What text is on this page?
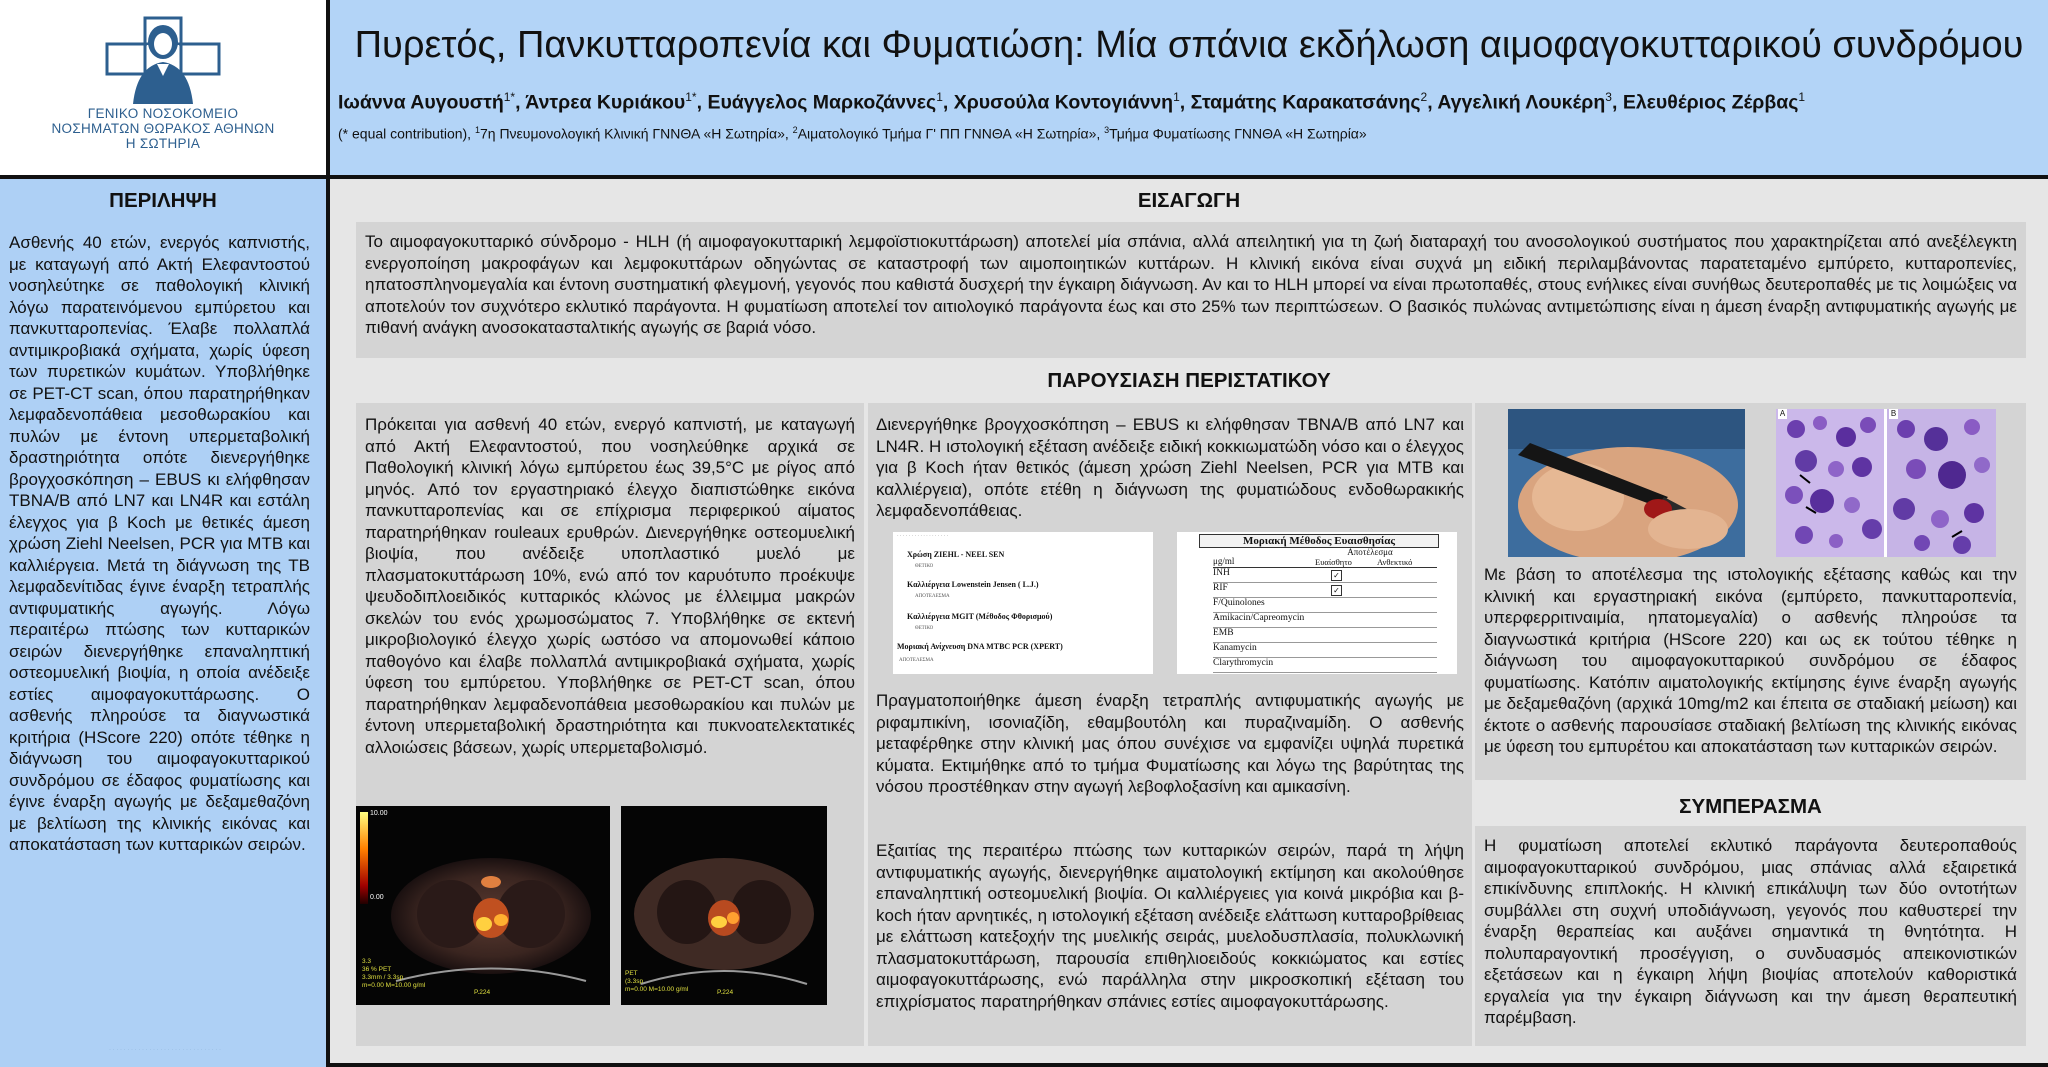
ΓΕΝΙΚΟ ΝΟΣΟΚΟΜΕΙΟ
ΝΟΣΗΜΑΤΩΝ ΘΩΡΑΚΟΣ ΑΘΗΝΩΝ
Η ΣΩΤΗΡΙΑ
Πυρετός, Πανκυτταροπενία και Φυματιώση: Μία σπάνια εκδήλωση αιμοφαγοκυτταρικού συνδρόμου
Ιωάννα Αυγουστή$^{1*}$, Άντρεα Κυριάκου$^{1*}$, Ευάγγελος Μαρκοζάννες$^1$, Χρυσούλα Κοντογιάννη$^1$, Σταμάτης Καρακατσάνης$^2$, Αγγελική Λουκέρη$^3$, Ελευθέριος Ζέρβας$^1$
(* equal contribution), $^1$7η Πνευμονολογική Κλινική ΓΝΝΘΑ «Η Σωτηρία», $^2$Αιματολογικό Τμήμα Γ' ΠΠ ΓΝΝΘΑ «Η Σωτηρία», $^3$Τμήμα Φυματίωσης ΓΝΝΘΑ «Η Σωτηρία»
ΠΕΡΙΛΗΨΗ
Ασθενής 40 ετών, ενεργός καπνιστής, με καταγωγή από Ακτή Ελεφαντοστού νοσηλεύτηκε σε παθολογική κλινική λόγω παρατεινόμενου εμπύρετου και πανκυτταροπενίας. Έλαβε πολλαπλά αντιμικροβιακά σχήματα, χωρίς ύφεση των πυρετικών κυμάτων. Υποβλήθηκε σε PET-CT scan, όπου παρατηρήθηκαν λεμφαδενοπάθεια μεσοθωρακίου και πυλών με έντονη υπερμεταβολική δραστηριότητα οπότε διενεργήθηκε βρογχοσκόπηση – EBUS κι ελήφθησαν TBNA/B από LN7 και LN4R και εστάλη έλεγχος για β Koch με θετικές άμεση χρώση Ziehl Neelsen, PCR για MTB και καλλιέργεια. Μετά τη διάγνωση της ΤΒ λεμφαδενίτιδας έγινε έναρξη τετραπλής αντιφυματικής αγωγής. Λόγω περαιτέρω πτώσης των κυτταρικών σειρών διενεργήθηκε επαναληπτική οστεομυελική βιοψία, η οποία ανέδειξε εστίες αιμοφαγοκυττάρωσης. Ο ασθενής πληρούσε τα διαγνωστικά κριτήρια (HScore 220) οπότε τέθηκε η διάγνωση του αιμοφαγοκυτταρικού συνδρόμου σε έδαφος φυματίωσης και έγινε έναρξη αγωγής με δεξαμεθαζόνη με βελτίωση της κλινικής εικόνας και αποκατάσταση των κυτταρικών σειρών.
· · · · · · · · · · · · · · · · · · · · · · · · · · · · · · ·
ΕΙΣΑΓΩΓΗ
Το αιμοφαγοκυτταρικό σύνδρομο - HLH (ή αιμοφαγοκυτταρική λεμφοϊστιοκυττάρωση) αποτελεί μία σπάνια, αλλά απειλητική για τη ζωή διαταραχή του ανοσολογικού συστήματος που χαρακτηρίζεται από ανεξέλεγκτη ενεργοποίηση μακροφάγων και λεμφοκυττάρων οδηγώντας σε καταστροφή των αιμοποιητικών κυττάρων. Η κλινική εικόνα είναι συχνά μη ειδική περιλαμβάνοντας παρατεταμένο εμπύρετο, κυτταροπενίες, ηπατοσπληνομεγαλία και έντονη συστηματική φλεγμονή, γεγονός που καθιστά δυσχερή την έγκαιρη διάγνωση. Αν και το HLH μπορεί να είναι πρωτοπαθές, στους ενήλικες είναι συνήθως δευτεροπαθές με τις λοιμώξεις να αποτελούν τον συχνότερο εκλυτικό παράγοντα. Η φυματίωση αποτελεί τον αιτιολογικό παράγοντα έως και στο 25% των περιπτώσεων. Ο βασικός πυλώνας αντιμετώπισης είναι η άμεση έναρξη αντιφυματικής αγωγής με πιθανή ανάγκη ανοσοκατασταλτικής αγωγής σε βαριά νόσο.
ΠΑΡΟΥΣΙΑΣΗ ΠΕΡΙΣΤΑΤΙΚΟΥ
Πρόκειται για ασθενή 40 ετών, ενεργό καπνιστή, με καταγωγή από Ακτή Ελεφαντοστού, που νοσηλεύθηκε αρχικά σε Παθολογική κλινική λόγω εμπύρετου έως 39,5°C με ρίγος από μηνός. Από τον εργαστηριακό έλεγχο διαπιστώθηκε εικόνα πανκυτταροπενίας και σε επίχρισμα περιφερικού αίματος παρατηρήθηκαν rouleaux ερυθρών. Διενεργήθηκε οστεομυελική βιοψία, που ανέδειξε υποπλαστικό μυελό με πλασματοκυττάρωση 10%, ενώ από τον καρυότυπο προέκυψε ψευδοδιπλοειδικός κυτταρικός κλώνος με έλλειμμα μακρών σκελών του ενός χρωμοσώματος 7. Υποβλήθηκε σε εκτενή μικροβιολογικό έλεγχο χωρίς ωστόσο να απομονωθεί κάποιο παθογόνο και έλαβε πολλαπλά αντιμικροβιακά σχήματα, χωρίς ύφεση του εμπύρετου. Υποβλήθηκε σε PET-CT scan, όπου παρατηρήθηκαν λεμφαδενοπάθεια μεσοθωρακίου και πυλών με έντονη υπερμεταβολική δραστηριότητα και πυκνοατελεκτατικές αλλοιώσεις βάσεων, χωρίς υπερμεταβολισμό.
10.00
0.00
3.3
36 % PET
3.3mm / 3.3sp
m=0.00 M=10.00 g/ml
P.224
PET
(3.3sp
m=0.00 M=10.00 g/ml	P.224
Διενεργήθηκε βρογχοσκόπηση – EBUS κι ελήφθησαν TBNA/B από LN7 και LN4R. Η ιστολογική εξέταση ανέδειξε ειδική κοκκιωματώδη νόσο και ο έλεγχος για β Koch ήταν θετικός (άμεση χρώση Ziehl Neelsen, PCR για MTB και καλλιέργεια), οπότε ετέθη η διάγνωση της φυματιώδους ενδοθωρακικής λεμφαδενοπάθειας.
· · · · · · · · · · · · · · · · · ·
Χρώση ZIEHL - NEEL SEN
ΘΕΤΙΚΟ
Καλλιέργεια Lowenstein Jensen ( L.J.)
ΑΠΟΤΕΛΕΣΜΑ
Καλλιέργεια MGIT (Μέθοδος Φθορισμού)
ΘΕΤΙΚΟ
Μοριακή Ανίχνευση DNA MTBC PCR (XPERT)
ΑΠΟΤΕΛΕΣΜΑ
Μοριακή Μέθοδος Ευαισθησίας
μg/ml
Αποτέλεσμα
Ευαίσθητο	Ανθεκτικό
INH	✓
RIF	✓
F/Quinolones
Amikacin/Capreomycin
EMB
Kanamycin
Clarythromycin
Πραγματοποιήθηκε άμεση έναρξη τετραπλής αντιφυματικής αγωγής με ριφαμπικίνη, ισονιαζίδη, εθαμβουτόλη και πυραζιναμίδη. Ο ασθενής μεταφέρθηκε στην κλινική μας όπου συνέχισε να εμφανίζει υψηλά πυρετικά κύματα. Εκτιμήθηκε από το τμήμα Φυματίωσης και λόγω της βαρύτητας της νόσου προστέθηκαν στην αγωγή λεβοφλοξασίνη και αμικασίνη.
Εξαιτίας της περαιτέρω πτώσης των κυτταρικών σειρών, παρά τη λήψη αντιφυματικής αγωγής, διενεργήθηκε αιματολογική εκτίμηση και ακολούθησε επαναληπτική οστεομυελική βιοψία. Οι καλλιέργειες για κοινά μικρόβια και β-koch ήταν αρνητικές, η ιστολογική εξέταση ανέδειξε ελάττωση κυτταροβρίθειας με ελάττωση κατεξοχήν της μυελικής σειράς, μυελοδυσπλασία, πολυκλωνική πλασματοκυττάρωση, παρουσία επιθηλιοειδούς κοκκιώματος και εστίες αιμοφαγοκυττάρωσης, ενώ παράλληλα στην μικροσκοπική εξέταση του επιχρίσματος παρατηρήθηκαν σπάνιες εστίες αιμοφαγοκυττάρωσης.
A	B
Με βάση το αποτέλεσμα της ιστολογικής εξέτασης καθώς και την κλινική και εργαστηριακή εικόνα (εμπύρετο, πανκυτταροπενία, υπερφερριτιναιμία, ηπατομεγαλία) ο ασθενής πληρούσε τα διαγνωστικά κριτήρια (HScore 220) και ως εκ τούτου τέθηκε η διάγνωση του αιμοφαγοκυτταρικού συνδρόμου σε έδαφος φυματίωσης. Κατόπιν αιματολογικής εκτίμησης έγινε έναρξη αγωγής με δεξαμεθαζόνη (αρχικά 10mg/m2 και έπειτα σε σταδιακή μείωση) και έκτοτε ο ασθενής παρουσίασε σταδιακή βελτίωση της κλινικής εικόνας με ύφεση του εμπυρέτου και αποκατάσταση των κυτταρικών σειρών.
ΣΥΜΠΕΡΑΣΜΑ
Η φυματίωση αποτελεί εκλυτικό παράγοντα δευτεροπαθούς αιμοφαγοκυτταρικού συνδρόμου, μιας σπάνιας αλλά εξαιρετικά επικίνδυνης επιπλοκής. Η κλινική επικάλυψη των δύο οντοτήτων συμβάλλει στη συχνή υποδιάγνωση, γεγονός που καθυστερεί την έναρξη θεραπείας και αυξάνει σημαντικά τη θνητότητα. Η πολυπαραγοντική προσέγγιση, ο συνδυασμός απεικονιστικών εξετάσεων και η έγκαιρη λήψη βιοψίας αποτελούν καθοριστικά εργαλεία για την έγκαιρη διάγνωση και την άμεση θεραπευτική παρέμβαση.
